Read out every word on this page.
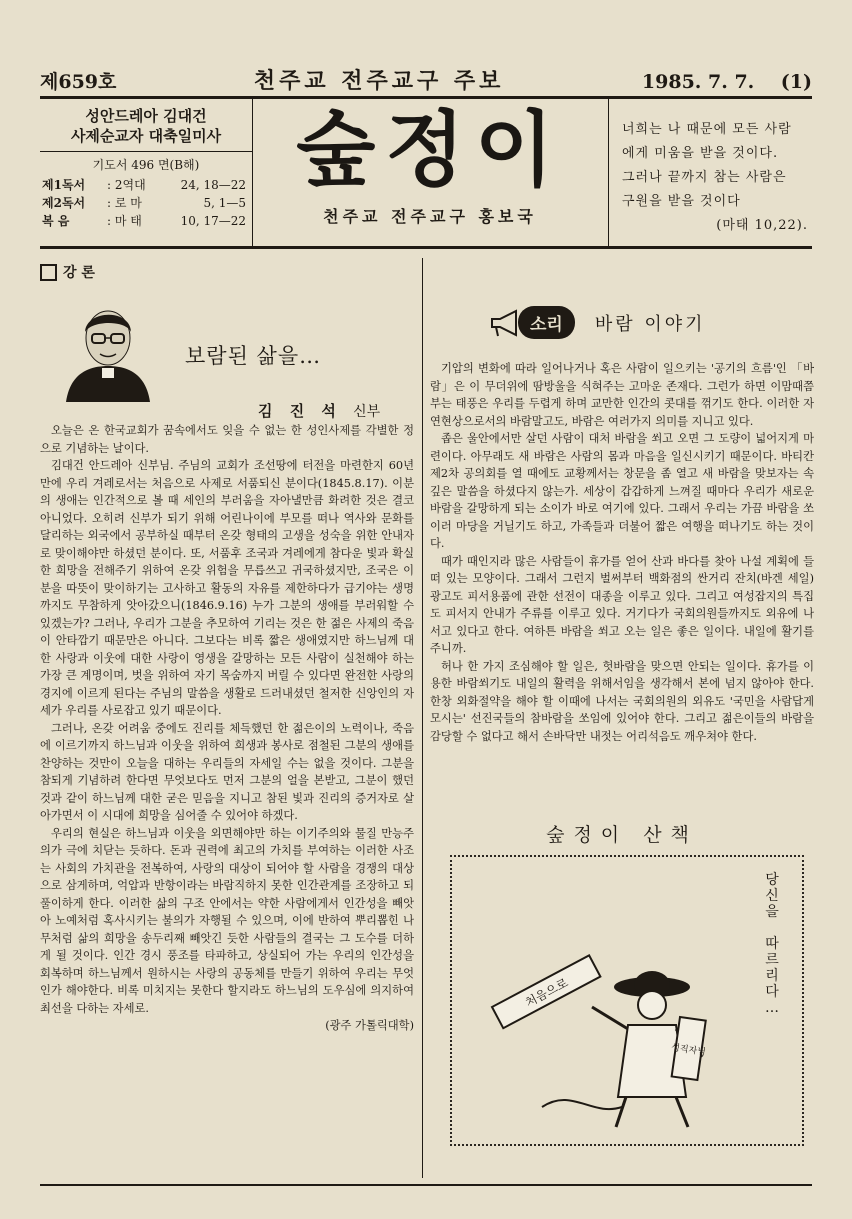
제659호	천주교 전주교구 주보	1985. 7. 7. (1)
성안드레아 김대건
사제순교자 대축일미사
기도서 496 면(B해)
제1독서	: 2역대	24, 18—22
제2독서	: 로 마	5, 1—5
복 음	: 마 태	10, 17—22
숲정이
천주교 전주교구 홍보국
너희는 나 때문에 모든 사람
에게 미움을 받을 것이다.
그러나 끝까지 참는 사람은
구원을 받을 것이다
(마태 10,22).
강 론
보람된 삶을…
김 진 석 신부

오늘은 온 한국교회가 꿈속에서도 잊을 수 없는 한 성인사제를 각별한 정으로 기념하는 날이다.

김대건 안드레아 신부님. 주님의 교회가 조선땅에 터전을 마련한지 60년 만에 우리 겨레로서는 처음으로 사제로 서품되신 분이다(1845.8.17). 이분의 생애는 인간적으로 볼 때 세인의 부러움을 자아낼만큼 화려한 것은 결코 아니었다. 오히려 신부가 되기 위해 어린나이에 부모를 떠나 역사와 문화를 달리하는 외국에서 공부하실 때부터 온갖 형태의 고생을 성숙을 위한 안내자로 맞이해야만 하셨던 분이다. 또, 서품후 조국과 겨레에게 참다운 빛과 확실한 희망을 전해주기 위하여 온갖 위험을 무릅쓰고 귀국하셨지만, 조국은 이분을 따뜻이 맞이하기는 고사하고 활동의 자유를 제한하다가 급기야는 생명까지도 무참하게 앗아갔으니(1846.9.16) 누가 그분의 생애를 부러워할 수 있겠는가? 그러나, 우리가 그분을 추모하여 기리는 것은 한 젊은 사제의 죽음이 안타깝기 때문만은 아니다. 그보다는 비록 짧은 생애였지만 하느님께 대한 사랑과 이웃에 대한 사랑이 영생을 갈망하는 모든 사람이 실천해야 하는 가장 큰 계명이며, 벗을 위하여 자기 목숨까지 버릴 수 있다면 완전한 사랑의 경지에 이르게 된다는 주님의 말씀을 생활로 드러내셨던 철저한 신앙인의 자세가 우리를 사로잡고 있기 때문이다.

그러나, 온갖 어려움 중에도 진리를 체득했던 한 젊은이의 노력이나, 죽음에 이르기까지 하느님과 이웃을 위하여 희생과 봉사로 점철된 그분의 생애를 찬양하는 것만이 오늘을 대하는 우리들의 자세일 수는 없을 것이다. 그분을 참되게 기념하려 한다면 무엇보다도 먼저 그분의 얼을 본받고, 그분이 했던 것과 같이 하느님께 대한 굳은 믿음을 지니고 참된 빛과 진리의 증거자로 살아가면서 이 시대에 희망을 심어줄 수 있어야 하겠다.

우리의 현실은 하느님과 이웃을 외면해야만 하는 이기주의와 물질 만능주의가 극에 치닫는 듯하다. 돈과 권력에 최고의 가치를 부여하는 이러한 사조는 사회의 가치관을 전복하여, 사랑의 대상이 되어야 할 사람을 경쟁의 대상으로 삼게하며, 억압과 반항이라는 바람직하지 못한 인간관계를 조장하고 되풀이하게 한다. 이러한 삶의 구조 안에서는 약한 사람에게서 인간성을 빼앗아 노예처럼 혹사시키는 불의가 자행될 수 있으며, 이에 반하여 뿌리뽑힌 나무처럼 삶의 희망을 송두리째 빼앗긴 듯한 사람들의 결국는 그 도수를 더하게 될 것이다. 인간 경시 풍조를 타파하고, 상실되어 가는 우리의 인간성을 회복하며 하느님께서 원하시는 사랑의 공동체를 만들기 위하여 우리는 무엇인가 해야한다. 비록 미치지는 못한다 할지라도 하느님의 도우심에 의지하여 최선을 다하는 자세로.

(광주 가톨릭대학)
소리	바람 이야기

기압의 변화에 따라 일어나거나 혹은 사람이 일으키는 '공기의 흐름'인 「바람」은 이 무더위에 땀방울을 식혀주는 고마운 존재다. 그런가 하면 이맘때쯤 부는 태풍은 우리를 두렵게 하며 교만한 인간의 콧대를 꺾기도 한다. 이러한 자연현상으로서의 바람말고도, 바람은 여러가지 의미를 지니고 있다.

좁은 울안에서만 살던 사람이 대처 바람을 쐬고 오면 그 도량이 넓어지게 마련이다. 아무래도 새 바람은 사람의 몸과 마음을 일신시키기 때문이다. 바티칸 제2차 공의회를 열 때에도 교황께서는 창문을 좀 열고 새 바람을 맞보자는 속깊은 말씀을 하셨다지 않는가. 세상이 갑갑하게 느껴질 때마다 우리가 새로운 바람을 갈망하게 되는 소이가 바로 여기에 있다. 그래서 우리는 가끔 바람을 쏘이러 마당을 거닐기도 하고, 가족들과 더불어 짧은 여행을 떠나기도 하는 것이다.

때가 때인지라 많은 사람들이 휴가를 얻어 산과 바다를 찾아 나설 계획에 들 떠 있는 모양이다. 그래서 그런지 벌써부터 백화점의 싼거리 잔치(바겐 세일) 광고도 피서용품에 관한 선전이 대종을 이루고 있다. 그리고 여성잡지의 특집도 피서지 안내가 주류를 이루고 있다. 거기다가 국회의원들까지도 외유에 나서고 있다고 한다. 여하튼 바람을 쐬고 오는 일은 좋은 일이다. 내일에 활기를 주니까.

허나 한 가지 조심해야 할 일은, 헛바람을 맞으면 안되는 일이다. 휴가를 이용한 바람쐬기도 내일의 활력을 위해서임을 생각해서 본에 넘지 않아야 한다. 한창 외화절약을 해야 할 이때에 나서는 국회의원의 외유도 '국민을 사람답게 모시는' 선진국들의 참바람을 쏘임에 있어야 한다. 그리고 젊은이들의 바람을 감당할 수 없다고 해서 손바닥만 내젓는 어리석음도 깨우쳐야 한다.

숲정이 산책
처음으로
성직자님
당
신
을

따
르
리
다
…
